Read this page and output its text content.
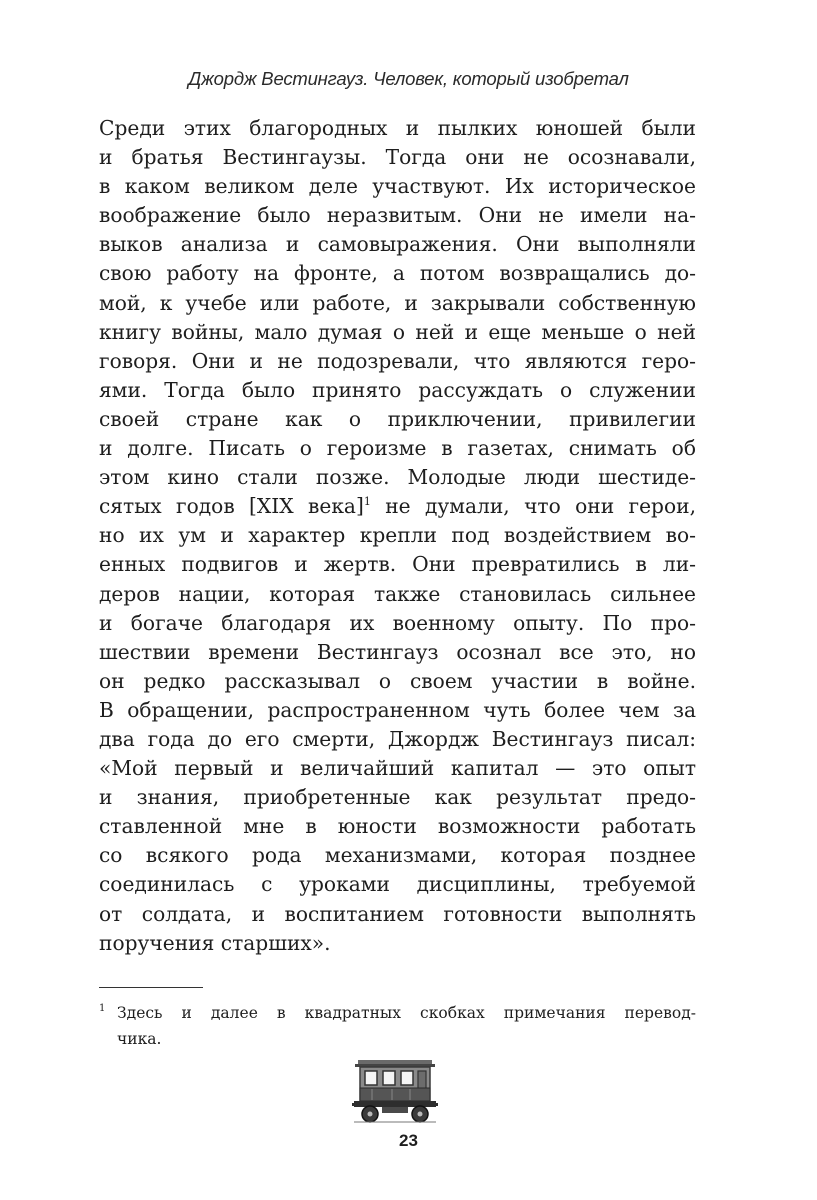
Джордж Вестингауз. Человек, который изобретал
Среди этих благородных и пылких юношей были
и братья Вестингаузы. Тогда они не осознавали,
в каком великом деле участвуют. Их историческое
воображение было неразвитым. Они не имели на-
выков анализа и самовыражения. Они выполняли
свою работу на фронте, а потом возвращались до-
мой, к учебе или работе, и закрывали собственную
книгу войны, мало думая о ней и еще меньше о ней
говоря. Они и не подозревали, что являются геро-
ями. Тогда было принято рассуждать о служении
своей стране как о приключении, привилегии
и долге. Писать о героизме в газетах, снимать об
этом кино стали позже. Молодые люди шестиде-
сятых годов [XIX века]$^1$ не думали, что они герои,
но их ум и характер крепли под воздействием во-
енных подвигов и жертв. Они превратились в ли-
деров нации, которая также становилась сильнее
и богаче благодаря их военному опыту. По про-
шествии времени Вестингауз осознал все это, но
он редко рассказывал о своем участии в войне.
В обращении, распространенном чуть более чем за
два года до его смерти, Джордж Вестингауз писал:
«Мой первый и величайший капитал — это опыт
и знания, приобретенные как результат предо-
ставленной мне в юности возможности работать
со всякого рода механизмами, которая позднее
соединилась с уроками дисциплины, требуемой
от солдата, и воспитанием готовности выполнять
поручения старших».
1 Здесь и далее в квадратных скобках примечания перевод-
чика.
23
